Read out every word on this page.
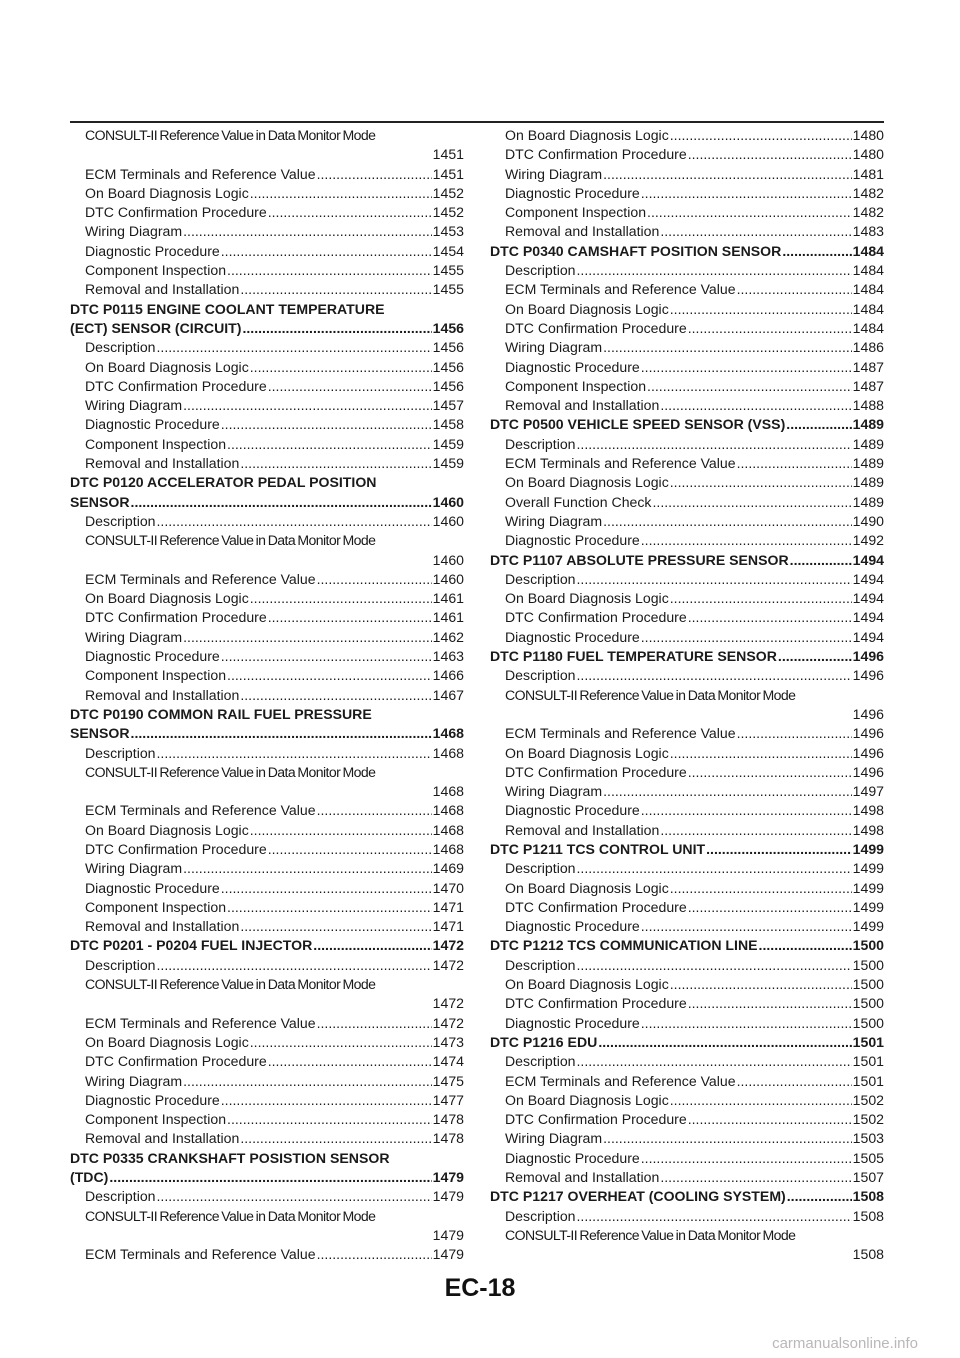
CONSULT-II Reference Value in Data Monitor Mode
1451
ECM Terminals and Reference Value .....	1451
On Board Diagnosis Logic .....	1452
DTC Confirmation Procedure .....	1452
Wiring Diagram .....	1453
Diagnostic Procedure .....	1454
Component Inspection .....	1455
Removal and Installation .....	1455
DTC P0115 ENGINE COOLANT TEMPERATURE
(ECT) SENSOR (CIRCUIT) .....	1456
Description .....	1456
On Board Diagnosis Logic .....	1456
DTC Confirmation Procedure .....	1456
Wiring Diagram .....	1457
Diagnostic Procedure .....	1458
Component Inspection .....	1459
Removal and Installation .....	1459
DTC P0120 ACCELERATOR PEDAL POSITION
SENSOR .....	1460
Description .....	1460
CONSULT-II Reference Value in Data Monitor Mode
1460
ECM Terminals and Reference Value .....	1460
On Board Diagnosis Logic .....	1461
DTC Confirmation Procedure .....	1461
Wiring Diagram .....	1462
Diagnostic Procedure .....	1463
Component Inspection .....	1466
Removal and Installation .....	1467
DTC P0190 COMMON RAIL FUEL PRESSURE
SENSOR .....	1468
Description .....	1468
CONSULT-II Reference Value in Data Monitor Mode
1468
ECM Terminals and Reference Value .....	1468
On Board Diagnosis Logic .....	1468
DTC Confirmation Procedure .....	1468
Wiring Diagram .....	1469
Diagnostic Procedure .....	1470
Component Inspection .....	1471
Removal and Installation .....	1471
DTC P0201 - P0204 FUEL INJECTOR .....	1472
Description .....	1472
CONSULT-II Reference Value in Data Monitor Mode
1472
ECM Terminals and Reference Value .....	1472
On Board Diagnosis Logic .....	1473
DTC Confirmation Procedure .....	1474
Wiring Diagram .....	1475
Diagnostic Procedure .....	1477
Component Inspection .....	1478
Removal and Installation .....	1478
DTC P0335 CRANKSHAFT POSISTION SENSOR
(TDC) .....	1479
Description .....	1479
CONSULT-II Reference Value in Data Monitor Mode
1479
ECM Terminals and Reference Value .....	1479
On Board Diagnosis Logic .....	1480
DTC Confirmation Procedure .....	1480
Wiring Diagram .....	1481
Diagnostic Procedure .....	1482
Component Inspection .....	1482
Removal and Installation .....	1483
DTC P0340 CAMSHAFT POSITION SENSOR .....	1484
Description .....	1484
ECM Terminals and Reference Value .....	1484
On Board Diagnosis Logic .....	1484
DTC Confirmation Procedure .....	1484
Wiring Diagram .....	1486
Diagnostic Procedure .....	1487
Component Inspection .....	1487
Removal and Installation .....	1488
DTC P0500 VEHICLE SPEED SENSOR (VSS) .....	1489
Description .....	1489
ECM Terminals and Reference Value .....	1489
On Board Diagnosis Logic .....	1489
Overall Function Check .....	1489
Wiring Diagram .....	1490
Diagnostic Procedure .....	1492
DTC P1107 ABSOLUTE PRESSURE SENSOR .....	1494
Description .....	1494
On Board Diagnosis Logic .....	1494
DTC Confirmation Procedure .....	1494
Diagnostic Procedure .....	1494
DTC P1180 FUEL TEMPERATURE SENSOR .....	1496
Description .....	1496
CONSULT-II Reference Value in Data Monitor Mode
1496
ECM Terminals and Reference Value .....	1496
On Board Diagnosis Logic .....	1496
DTC Confirmation Procedure .....	1496
Wiring Diagram .....	1497
Diagnostic Procedure .....	1498
Removal and Installation .....	1498
DTC P1211 TCS CONTROL UNIT .....	1499
Description .....	1499
On Board Diagnosis Logic .....	1499
DTC Confirmation Procedure .....	1499
Diagnostic Procedure .....	1499
DTC P1212 TCS COMMUNICATION LINE .....	1500
Description .....	1500
On Board Diagnosis Logic .....	1500
DTC Confirmation Procedure .....	1500
Diagnostic Procedure .....	1500
DTC P1216 EDU .....	1501
Description .....	1501
ECM Terminals and Reference Value .....	1501
On Board Diagnosis Logic .....	1502
DTC Confirmation Procedure .....	1502
Wiring Diagram .....	1503
Diagnostic Procedure .....	1505
Removal and Installation .....	1507
DTC P1217 OVERHEAT (COOLING SYSTEM) .....	1508
Description .....	1508
CONSULT-II Reference Value in Data Monitor Mode
1508
EC-18
carmanualsonline.info
